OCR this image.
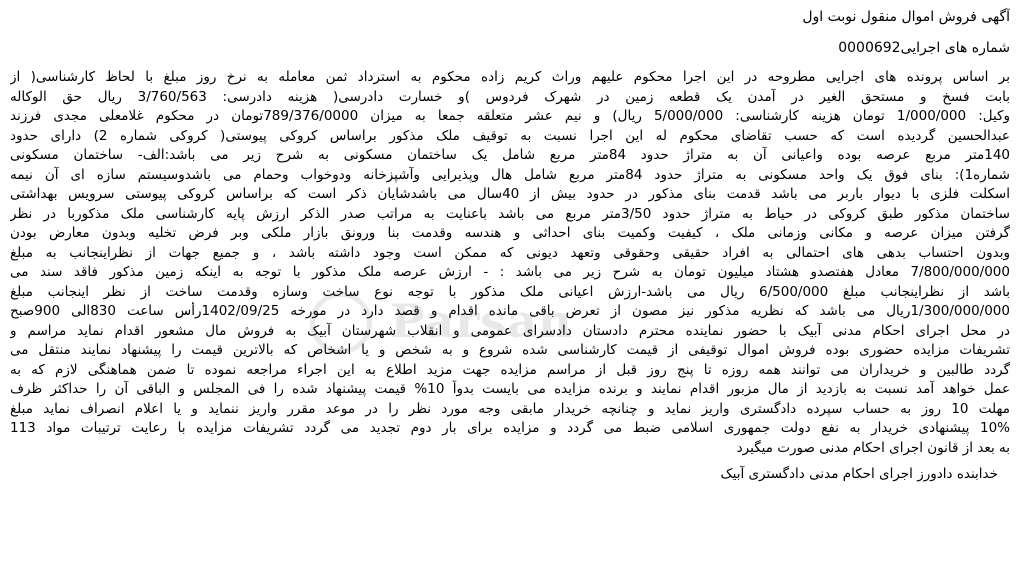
آگهی فروش اموال منقول نوبت اول
شماره های اجرایی0000692
بر اساس پرونده های اجرایی مطروحه در این اجرا محکوم علیهم وراث کریم زاده محکوم به استرداد ثمن معامله به نرخ روز مبلغ با لحاظ کارشناسی( از
بابت فسخ و مستحق الغیر در آمدن یک قطعه زمین در شهرک فردوس )و خسارت دادرسی( هزینه دادرسی: 3/760/563 ریال حق الوکاله
وکیل: 1/000/000 تومان هزینه کارشناسی: 5/000/000 ریال) و نیم عشر متعلقه جمعا به میزان 789/376/0000تومان در محکوم غلامعلی مجدی فرزند
عبدالحسین گردیده است که حسب تقاضای محکوم له این اجرا نسبت به توقیف ملک مذکور براساس کروکی پیوستی( کروکی شماره 2) دارای حدود
140متر مربع عرصه بوده واعیانی آن به متراژ حدود 84متر مربع شامل یک ساختمان مسکونی به شرح زیر می باشد:الف- ساختمان مسکونی
شماره1): بنای فوق یک واحد مسکونی به متراژ حدود 84متر مربع شامل هال وپذیرایی وآشپزخانه ودوخواب وحمام می باشدوسیستم سازه ای آن نیمه
اسکلت فلزی با دیوار باربر می باشد قدمت بنای مذکور در حدود بیش از 40سال می باشدشایان ذکر است که براساس کروکی پیوستی سرویس بهداشتی
ساختمان مذکور طبق کروکی در حیاط به متراژ حدود 3/50متر مربع می باشد باعنایت به مراتب صدر الذکر ارزش پایه کارشناسی ملک مذکوربا در نظر
گرفتن میزان عرصه و مکانی وزمانی ملک ، کیفیت وکمیت بنای احداثی و هندسه وقدمت بنا ورونق بازار ملکی وبر فرض تخلیه وبدون معارض بودن
وبدون احتساب بدهی های احتمالی به افراد حقیقی وحقوقی وتعهد دیونی که ممکن است وجود داشته باشد ، و جمیع جهات از نظراینجانب به مبلغ
7/800/000/000 معادل هفتصدو هشتاد میلیون تومان به شرح زیر می باشد : - ارزش عرصه ملک مذکور با توجه به اینکه زمین مذکور فاقد سند می
باشد از نظراینجانب مبلغ 6/500/000 ریال می باشد-ارزش اعیانی ملک مذکور با توجه نوع ساخت وسازه وقدمت ساخت از نظر اینجانب مبلغ
1/300/000/000ریال می باشد که نظریه مذکور نیز مصون از تعرض باقی مانده اقدام و قصد دارد در مورخه 1402/09/25رأس ساعت 830الی 900صبح
در محل اجرای احکام مدنی آبیک با حضور نماینده محترم دادستان دادسرای عمومی و انقلاب شهرستان آبیک به فروش مال مشعور اقدام نماید مراسم و
تشریفات مزایده حضوری بوده فروش اموال توقیفی از قیمت کارشناسی شده شروع و به شخص و یا اشخاص که بالاترین قیمت را پیشنهاد نمایند منتقل می
گردد طالبین و خریداران می توانند همه روزه تا پنج روز قبل از مراسم مزایده جهت مزید اطلاع به این اجراء مراجعه نموده تا ضمن هماهنگی لازم که به
عمل خواهد آمد نسبت به بازدید از مال مزبور اقدام نمایند و برنده مزایده می بایست بدواً 10% قیمت پیشنهاد شده را فی المجلس و الباقی آن را حداکثر ظرف
مهلت 10 روز به حساب سپرده دادگستری واریز نماید و چنانچه خریدار مابقی وجه مورد نظر را در موعد مقرر واریز ننماید و یا اعلام انصراف نماید مبلغ
10% پیشنهادی خریدار به نفع دولت جمهوری اسلامی ضبط می گردد و مزایده برای بار دوم تجدید می گردد تشریفات مزایده با رعایت ترتیبات مواد 113
به بعد از قانون اجرای احکام مدنی صورت میگیرد
خدابنده دادورز اجرای احکام مدنی دادگستری آبیک
Parsan
